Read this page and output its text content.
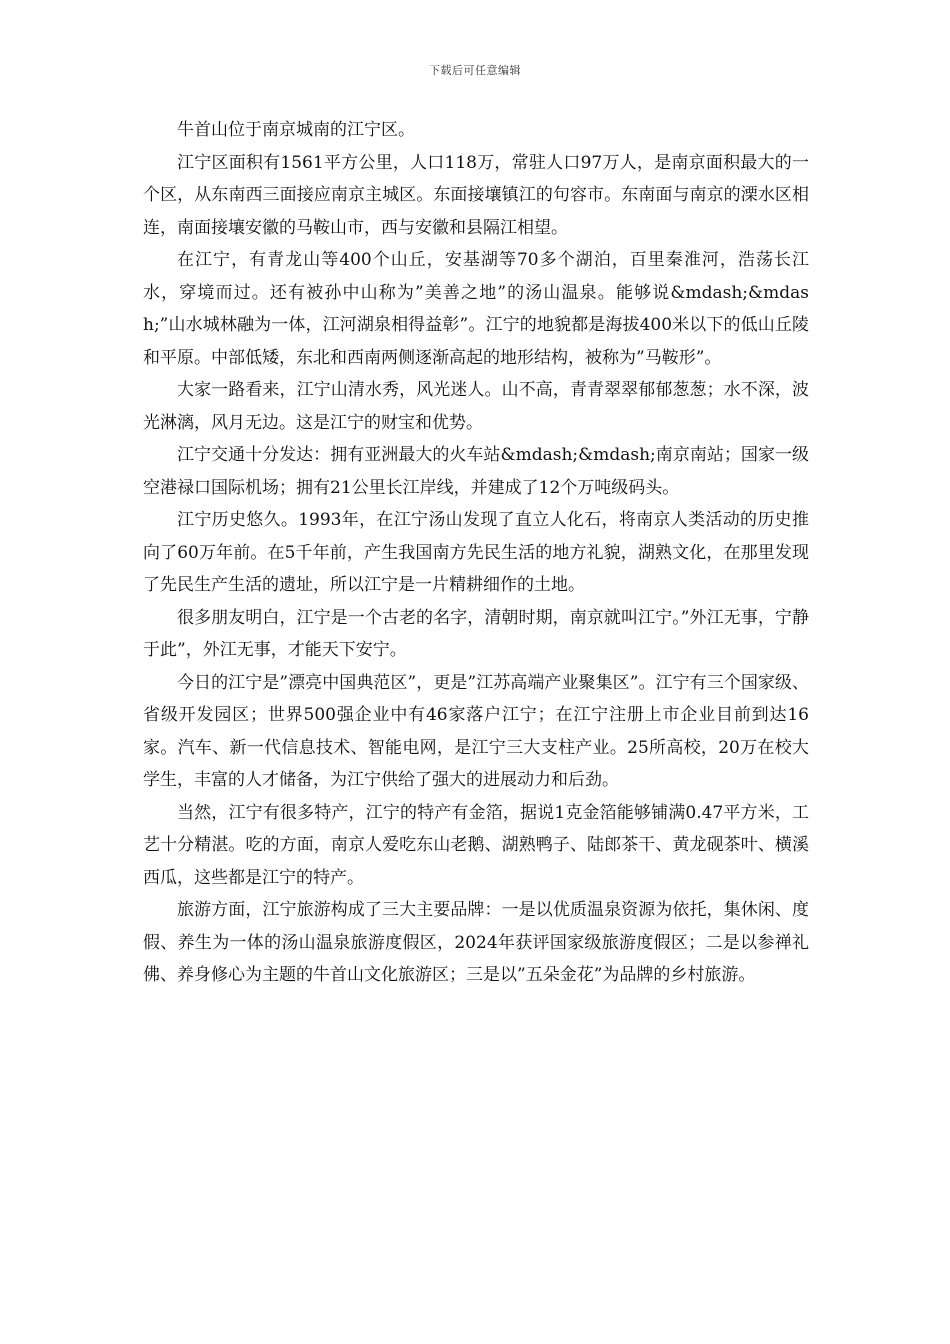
下载后可任意编辑

牛首山位于南京城南的江宁区。

江宁区面积有1561平方公里，人口118万，常驻人口97万人，是南京面积最大的一个区，从东南西三面接应南京主城区。东面接壤镇江的句容市。东南面与南京的溧水区相连，南面接壤安徽的马鞍山市，西与安徽和县隔江相望。

在江宁，有青龙山等400个山丘，安基湖等70多个湖泊，百里秦淮河，浩荡长江水，穿境而过。还有被孙中山称为”美善之地”的汤山温泉。能够说&mdash;&mdash;”山水城林融为一体，江河湖泉相得益彰”。江宁的地貌都是海拔400米以下的低山丘陵和平原。中部低矮，东北和西南两侧逐渐高起的地形结构，被称为”马鞍形”。

大家一路看来，江宁山清水秀，风光迷人。山不高，青青翠翠郁郁葱葱；水不深，波光淋漓，风月无边。这是江宁的财宝和优势。

江宁交通十分发达：拥有亚洲最大的火车站&mdash;&mdash;南京南站；国家一级空港禄口国际机场；拥有21公里长江岸线，并建成了12个万吨级码头。

江宁历史悠久。1993年，在江宁汤山发现了直立人化石，将南京人类活动的历史推向了60万年前。在5千年前，产生我国南方先民生活的地方礼貌，湖熟文化，在那里发现了先民生产生活的遗址，所以江宁是一片精耕细作的土地。

很多朋友明白，江宁是一个古老的名字，清朝时期，南京就叫江宁。”外江无事，宁静于此”，外江无事，才能天下安宁。

今日的江宁是”漂亮中国典范区”，更是”江苏高端产业聚集区”。江宁有三个国家级、省级开发园区；世界500强企业中有46家落户江宁；在江宁注册上市企业目前到达16家。汽车、新一代信息技术、智能电网，是江宁三大支柱产业。25所高校，20万在校大学生，丰富的人才储备，为江宁供给了强大的进展动力和后劲。

当然，江宁有很多特产，江宁的特产有金箔，据说1克金箔能够铺满0.47平方米，工艺十分精湛。吃的方面，南京人爱吃东山老鹅、湖熟鸭子、陆郎茶干、黄龙砚茶叶、横溪西瓜，这些都是江宁的特产。

旅游方面，江宁旅游构成了三大主要品牌：一是以优质温泉资源为依托，集休闲、度假、养生为一体的汤山温泉旅游度假区，2024年获评国家级旅游度假区；二是以参禅礼佛、养身修心为主题的牛首山文化旅游区；三是以”五朵金花”为品牌的乡村旅游。
